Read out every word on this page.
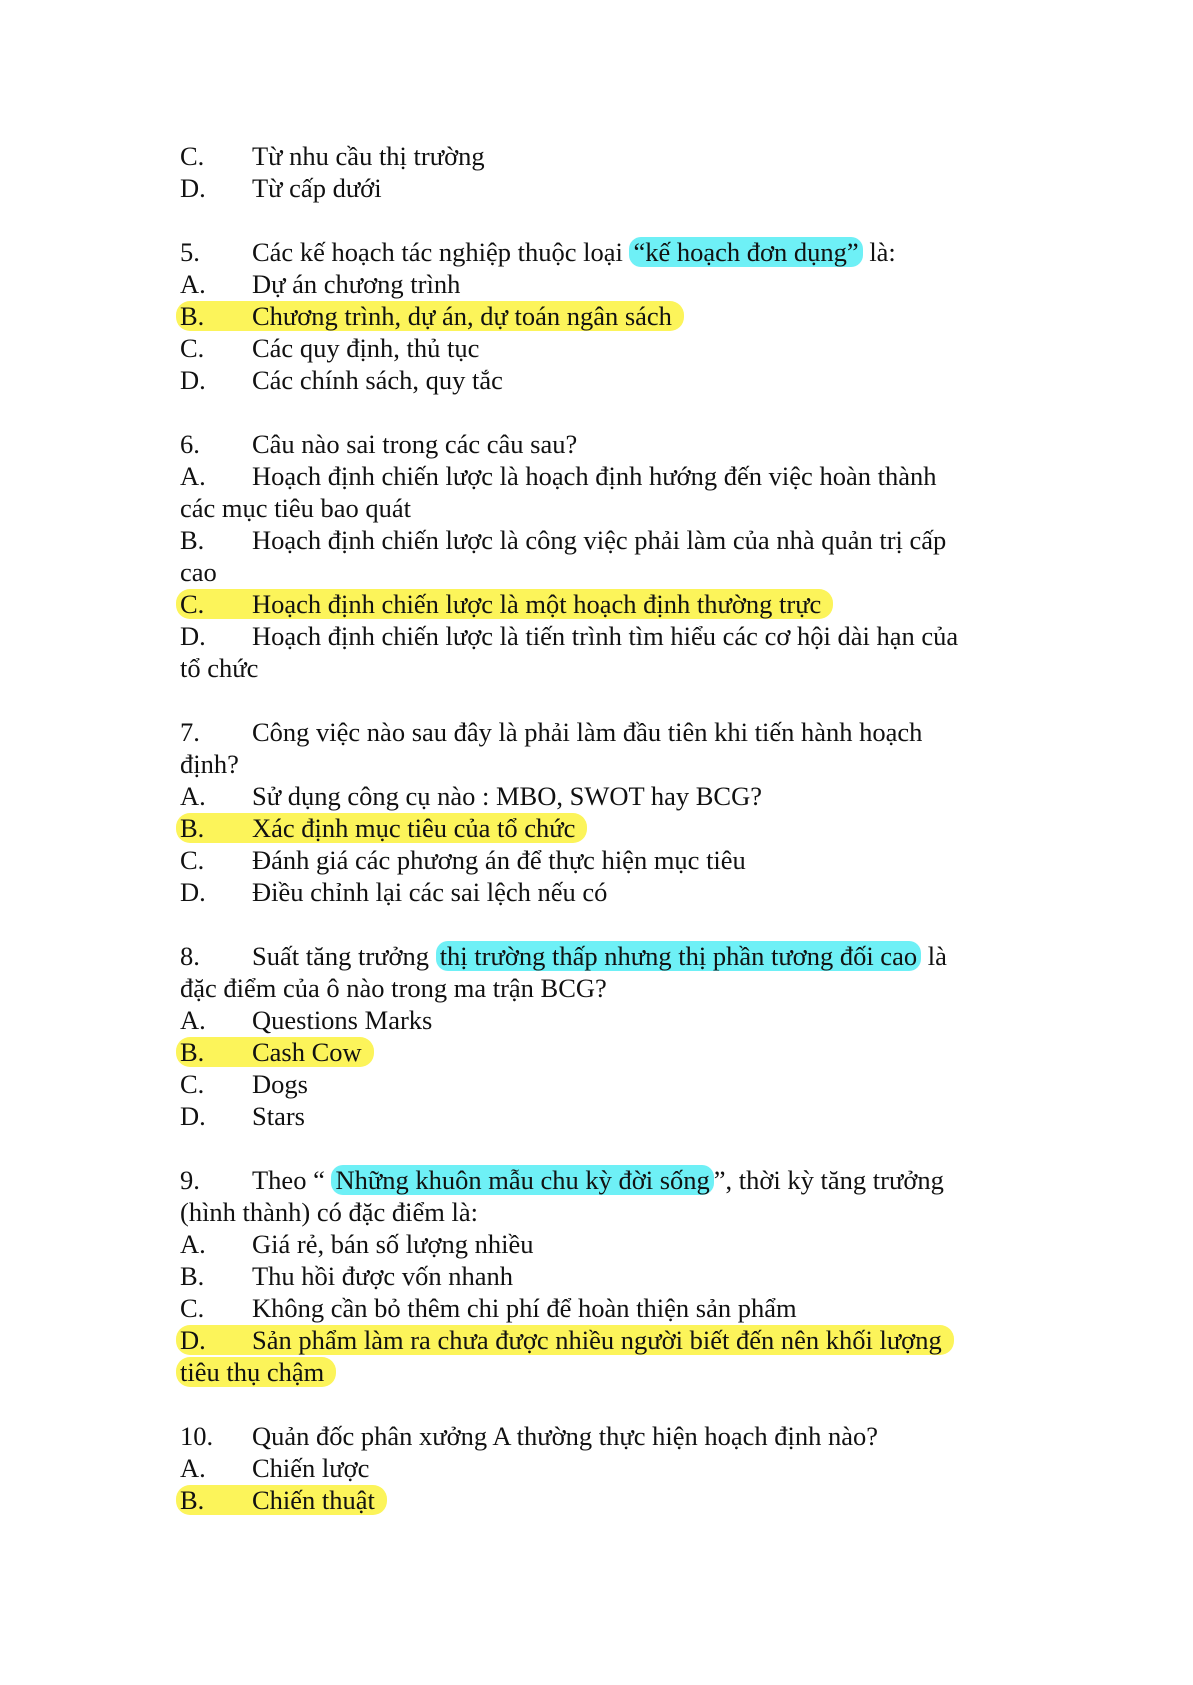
C. Từ nhu cầu thị trường
D. Từ cấp dưới
5. Các kế hoạch tác nghiệp thuộc loại “kế hoạch đơn dụng” là:
A. Dự án chương trình
B. Chương trình, dự án, dự toán ngân sách
C. Các quy định, thủ tục
D. Các chính sách, quy tắc
6. Câu nào sai trong các câu sau?
A. Hoạch định chiến lược là hoạch định hướng đến việc hoàn thành
các mục tiêu bao quát
B. Hoạch định chiến lược là công việc phải làm của nhà quản trị cấp
cao
C. Hoạch định chiến lược là một hoạch định thường trực
D. Hoạch định chiến lược là tiến trình tìm hiểu các cơ hội dài hạn của
tổ chức
7. Công việc nào sau đây là phải làm đầu tiên khi tiến hành hoạch
định?
A. Sử dụng công cụ nào : MBO, SWOT hay BCG?
B. Xác định mục tiêu của tổ chức
C. Đánh giá các phương án để thực hiện mục tiêu
D. Điều chỉnh lại các sai lệch nếu có
8. Suất tăng trưởng thị trường thấp nhưng thị phần tương đối cao là
đặc điểm của ô nào trong ma trận BCG?
A. Questions Marks
B. Cash Cow
C. Dogs
D. Stars
9. Theo “ Những khuôn mẫu chu kỳ đời sống ”, thời kỳ tăng trưởng
(hình thành) có đặc điểm là:
A. Giá rẻ, bán số lượng nhiều
B. Thu hồi được vốn nhanh
C. Không cần bỏ thêm chi phí để hoàn thiện sản phẩm
D. Sản phẩm làm ra chưa được nhiều người biết đến nên khối lượng
tiêu thụ chậm
10. Quản đốc phân xưởng A thường thực hiện hoạch định nào?
A. Chiến lược
B. Chiến thuật
